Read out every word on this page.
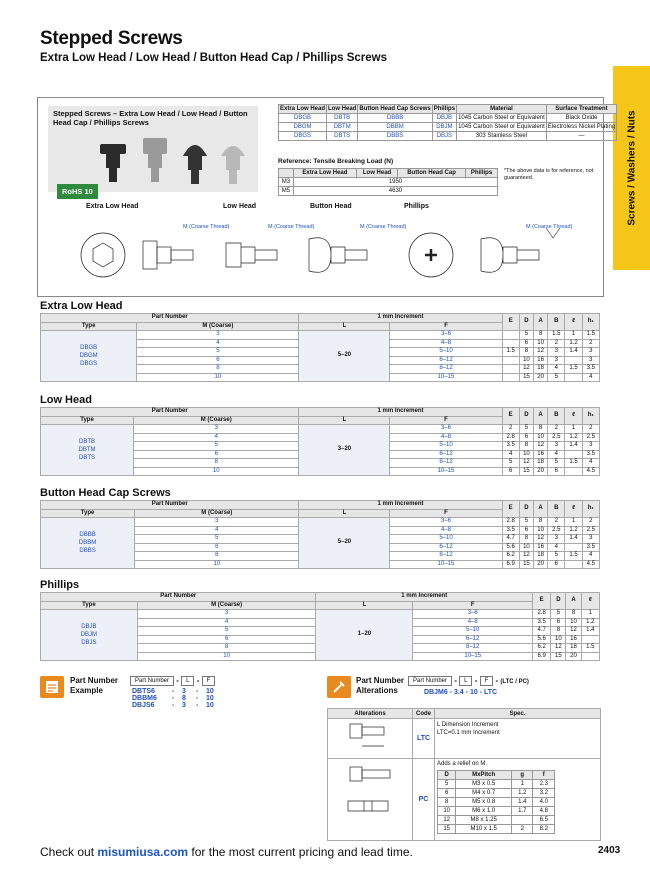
Stepped Screws
Extra Low Head / Low Head / Button Head Cap / Phillips Screws
Screws / Washers / Nuts
Stepped Screws – Extra Low Head / Low Head / Button Head Cap / Phillips Screws
RoHS 10
Extra Low Head	Low Head	Button Head Cap Screws	Phillips	Material	Surface Treatment
DBGB	DBTB	DBBB	DBJB	1045 Carbon Steel or Equivalent	Black Oxide
DBGM	DBTM	DBBM	DBJM	1045 Carbon Steel or Equivalent	Electroless Nickel Plating
DBGS	DBTS	DBBS	DBJS	303 Stainless Steel	—
Reference: Tensile Breaking Load (N)
	Extra Low Head	Low Head	Button Head Cap	Phillips
M3	1950			
M5	4630			
*The above data is for reference, not guaranteed.
Extra Low Head	Low Head	Button Head	Phillips
M (Coarse Thread)	M (Coarse Thread)	M (Coarse Thread)	M (Coarse Thread)
Extra Low Head
Part Number		1 mm Increment		E	D	A	B	ℓ	h₁
Type	M (Coarse)	L	F						
DBGB
DBGM
DBGS	3	5–20	3–6		5	8	1.5	1	1.5
	4		4–8		6	10	2	1.2	2
	5		5–10	1.5	8	12	3	1.4	3
	6		6–12		10	16	3		3
	8		8–12		12	18	4	1.5	3.5
	10		10–15		15	20	5		4
Low Head
Part Number		1 mm Increment		E	D	A	B	ℓ	h₁
Type	M (Coarse)	L	F						
DBTB
DBTM
DBTS	3	3–20	3–6	2	5	8	2	1	2
	4		4–8	2.8	6	10	2.5	1.2	2.5
	5		5–10	3.5	8	12	3	1.4	3
	6		6–12	4	10	16	4		3.5
	8		8–12	5	12	18	5	1.5	4
	10		10–15	6	15	20	6		4.5
Button Head Cap Screws
Part Number		1 mm Increment		E	D	A	B	ℓ	h₁
Type	M (Coarse)	L	F						
DBBB
DBBM
DBBS	3	5–20	3–6	2.8	5	8	2	1	2
	4		4–8	3.5	6	10	2.5	1.2	2.5
	5		5–10	4.7	8	12	3	1.4	3
	6		6–12	5.6	10	16	4		3.5
	8		8–12	6.2	12	18	5	1.5	4
	10		10–15	6.9	15	20	6		4.5
Phillips
Part Number		1 mm Increment		E	D	A	ℓ
Type	M (Coarse)	L	F				
DBJB
DBJM
DBJS	3	1–20	3–6	2.8	5	8	1
	4		4–8	3.5	6	10	1.2
	5		5–10	4.7	8	12	1.4
	6		6–12	5.6	10	16	
	8		8–12	6.2	12	18	1.5
	10		10–15	6.9	15	20	
Part Number Example
Part Number - L - F
DBTS6	-	3	-	10
DBBM6	-	8	-	10
DBJS6	-	3	-	10
Part Number Alterations
Part Number - L - F - (LTC / PC)
DBJM6 - 3.4 - 10 - LTC
Alterations	Code	Spec.
	LTC	L Dimension Increment
LTC=0.1 mm Increment
	PC	
Adds a relief on M.
D	MxPitch	g	f
5	M3 x 0.5	1	2.3
6	M4 x 0.7	1.2	3.2
8	M5 x 0.8	1.4	4.0
10	M6 x 1.0	1.7	4.8
12	M8 x 1.25		6.5
15	M10 x 1.5	2	8.2
Check out misumiusa.com for the most current pricing and lead time.	2403
